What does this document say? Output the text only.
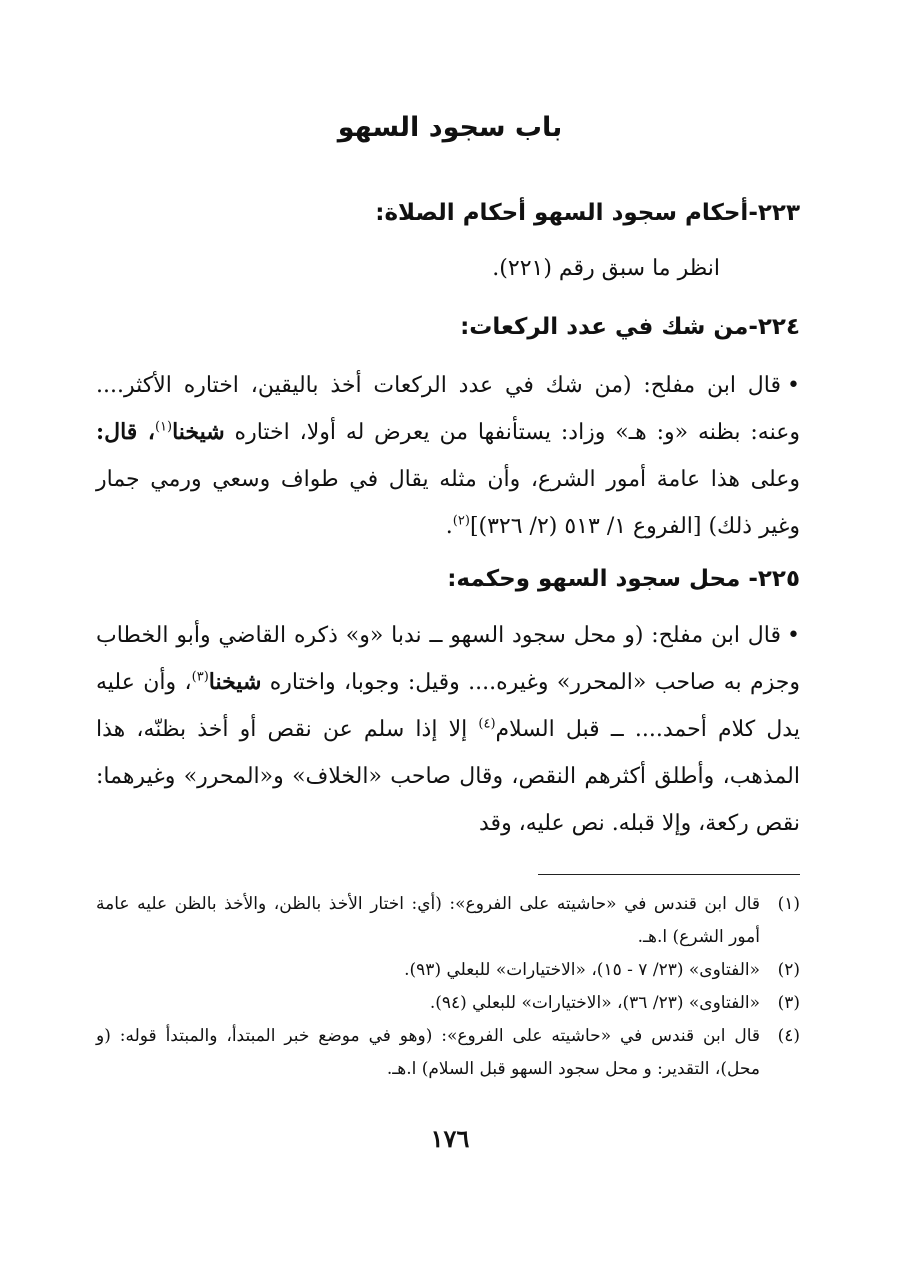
باب سجود السهو
٢٢٣-أحكام سجود السهو أحكام الصلاة:

انظر ما سبق رقم (٢٢١).

٢٢٤-من شك في عدد الركعات:

•قال ابن مفلح: (من شك في عدد الركعات أخذ باليقين، اختاره الأكثر.... وعنه: بظنه «و: هـ» وزاد: يستأنفها من يعرض له أولا، اختاره شيخنا$^{(١)}$، قال: وعلى هذا عامة أمور الشرع، وأن مثله يقال في طواف وسعي ورمي جمار وغير ذلك) [الفروع ١/ ٥١٣ (٢/ ٣٢٦)]$^{(٢)}$.

٢٢٥- محل سجود السهو وحكمه:

•قال ابن مفلح: (و محل سجود السهو ــ ندبا «و» ذكره القاضي وأبو الخطاب وجزم به صاحب «المحرر» وغيره.... وقيل: وجوبا، واختاره شيخنا$^{(٣)}$، وأن عليه يدل كلام أحمد.... ــ قبل السلام$^{(٤)}$ إلا إذا سلم عن نقص أو أخذ بظنّه، هذا المذهب، وأطلق أكثرهم النقص، وقال صاحب «الخلاف» و«المحرر» وغيرهما: نقص ركعة، وإلا قبله. نص عليه، وقد

(١)
قال ابن قندس في «حاشيته على الفروع»: (أي: اختار الأخذ بالظن، والأخذ بالظن عليه عامة أمور الشرع) ا.هـ.
(٢)
«الفتاوى» (٢٣/ ٧ - ١٥)، «الاختيارات» للبعلي (٩٣).
(٣)
«الفتاوى» (٢٣/ ٣٦)، «الاختيارات» للبعلي (٩٤).
(٤)
قال ابن قندس في «حاشيته على الفروع»: (وهو في موضع خبر المبتدأ، والمبتدأ قوله: (و محل)، التقدير: و محل سجود السهو قبل السلام) ا.هـ.
١٧٦
